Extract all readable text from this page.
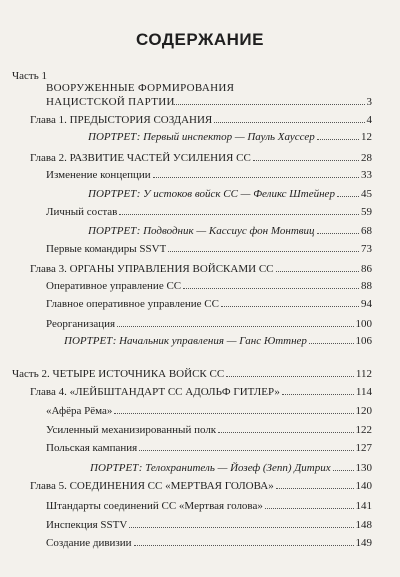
СОДЕРЖАНИЕ
Часть 1
ВООРУЖЕННЫЕ ФОРМИРОВАНИЯ
НАЦИСТСКОЙ ПАРТИИ	3
Глава 1. ПРЕДЫСТОРИЯ СОЗДАНИЯ	4
ПОРТРЕТ: Первый инспектор — Пауль Хауссер	12
Глава 2. РАЗВИТИЕ ЧАСТЕЙ УСИЛЕНИЯ СС	28
Изменение концепции	33
ПОРТРЕТ: У истоков войск СС — Феликс Штейнер 45
Личный состав	59
ПОРТРЕТ: Подводник — Кассиус фон Монтвиц	68
Первые командиры SSVT	73
Глава 3. ОРГАНЫ УПРАВЛЕНИЯ ВОЙСКАМИ СС	86
Оперативное управление СС	88
Главное оперативное управление СС	94
Реорганизация	100
ПОРТРЕТ: Начальник управления — Ганс Юттнер	106
Часть 2. ЧЕТЫРЕ ИСТОЧНИКА ВОЙСК СС	112
Глава 4. «ЛЕЙБШТАНДАРТ СС АДОЛЬФ ГИТЛЕР»	114
«Афёра Рёма»	120
Усиленный механизированный полк	122
Польская кампания	127
ПОРТРЕТ: Телохранитель — Йозеф (Зепп) Дитрих 130
Глава 5. СОЕДИНЕНИЯ СС «МЕРТВАЯ ГОЛОВА»	140
Штандарты соединений СС «Мертвая голова»	141
Инспекция SSTV	148
Создание дивизии	149
